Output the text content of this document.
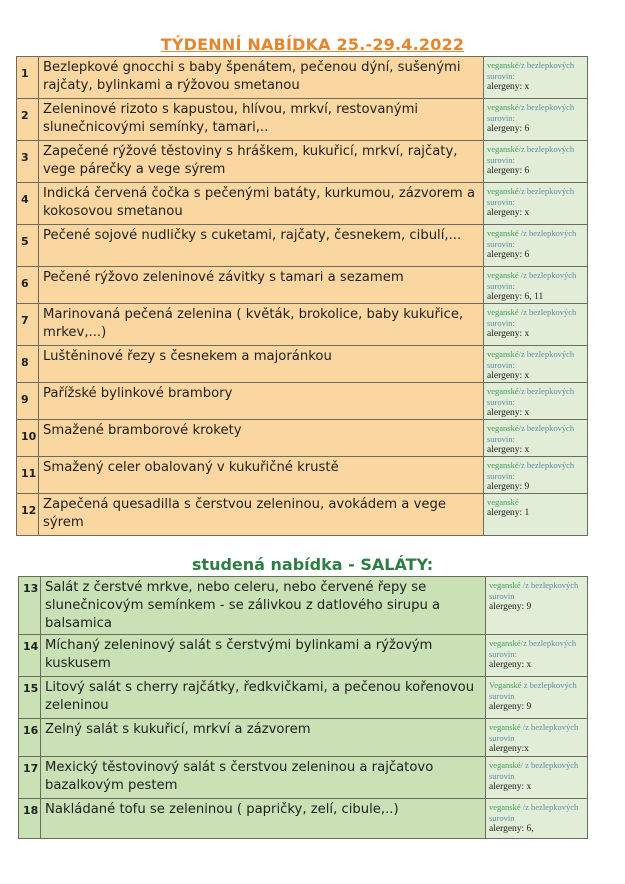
TÝDENNÍ NABÍDKA 25.-29.4.2022
1	Bezlepkové gnocchi s baby špenátem, pečenou dýní, sušenými rajčaty, bylinkami a rýžovou smetanou	veganské/z bezlepkových surovin:
alergeny: x

2	Zeleninové rizoto s kapustou, hlívou, mrkví, restovanými slunečnicovými semínky, tamari,..	veganské/z bezlepkových surovin:
alergeny: 6

3	Zapečené rýžové těstoviny s hráškem, kukuřicí, mrkví, rajčaty, vege párečky a vege sýrem	veganské/z bezlepkových surovin:
alergeny: 6

4	Indická červená čočka s pečenými batáty, kurkumou, zázvorem a kokosovou smetanou	veganské/z bezlepkových surovin:
alergeny: x

5	Pečené sojové nudličky s cuketami, rajčaty, česnekem, cibulí,...	veganské /z bezlepkových surovin:
alergeny: 6

6	Pečené rýžovo zeleninové závitky s tamari a sezamem	veganské /z bezlepkových surovin:
alergeny: 6, 11

7	Marinovaná pečená zelenina ( květák, brokolice, baby kukuřice, mrkev,...)	veganské /z bezlepkových surovin:
alergeny: x

8	Luštěninové řezy s česnekem a majoránkou	veganské/z bezlepkových surovin:
alergeny: x

9	Pařížské bylinkové brambory	veganské/z bezlepkových surovin:
alergeny: x

10	Smažené bramborové krokety	veganské/z bezlepkových surovin:
alergeny: x

11	Smažený celer obalovaný v kukuřičné krustě	veganské/z bezlepkových surovin:
alergeny: 9

12	Zapečená quesadilla s čerstvou zeleninou, avokádem a vege sýrem	veganské
alergeny: 1
studená nabídka - SALÁTY:
13	Salát z čerstvé mrkve, nebo celeru, nebo červené řepy se slunečnicovým semínkem - se zálivkou z datlového sirupu a balsamica	veganské /z bezlepkových surovin
alergeny: 9

14	Míchaný zeleninový salát s čerstvými bylinkami a rýžovým kuskusem	veganské/z bezlepkových surovin:
alergeny: x

15	Litový salát s cherry rajčátky, ředkvičkami, a pečenou kořenovou zeleninou	Veganské z bezlepkových surovin
alergeny: 9

16	Zelný salát s kukuřicí, mrkví a zázvorem	veganské /z bezlepkových surovin
alergeny:x

17	Mexický těstovinový salát s čerstvou zeleninou a rajčatovo bazalkovým pestem	veganské/ z bezlepkových surovin
alergeny: x

18	Nakládané tofu se zeleninou ( papričky, zelí, cibule,..)	veganské /z bezlepkových surovin
alergeny: 6,
